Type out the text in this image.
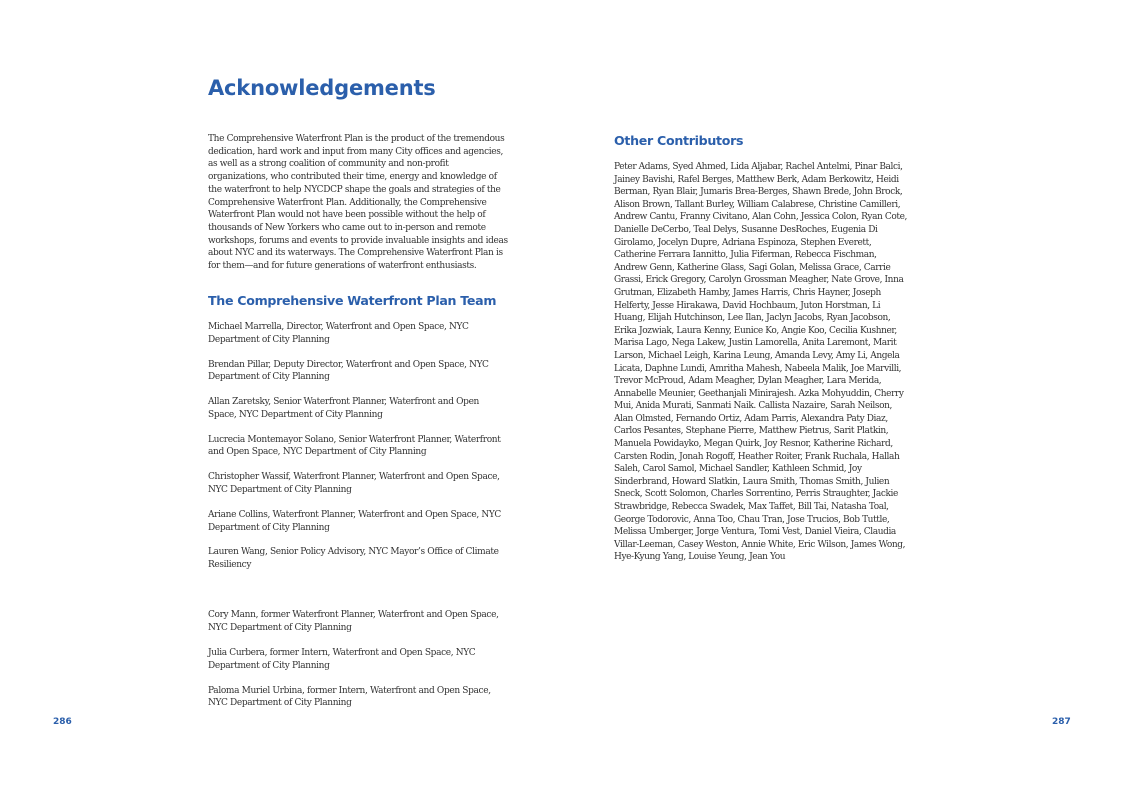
Acknowledgements

The Comprehensive Waterfront Plan is the product of the tremendous dedication, hard work and input from many City offices and agencies, as well as a strong coalition of community and non-profit organizations, who contributed their time, energy and knowledge of the waterfront to help NYCDCP shape the goals and strategies of the Comprehensive Waterfront Plan. Additionally, the Comprehensive Waterfront Plan would not have been possible without the help of thousands of New Yorkers who came out to in-person and remote workshops, forums and events to provide invaluable insights and ideas about NYC and its waterways. The Comprehensive Waterfront Plan is for them—and for future generations of waterfront enthusiasts.

The Comprehensive Waterfront Plan Team
Michael Marrella, Director, Waterfront and Open Space, NYC Department of City Planning
Brendan Pillar, Deputy Director, Waterfront and Open Space, NYC Department of City Planning
Allan Zaretsky, Senior Waterfront Planner, Waterfront and Open Space, NYC Department of City Planning
Lucrecia Montemayor Solano, Senior Waterfront Planner, Waterfront and Open Space, NYC Department of City Planning
Christopher Wassif, Waterfront Planner, Waterfront and Open Space, NYC Department of City Planning
Ariane Collins, Waterfront Planner, Waterfront and Open Space, NYC Department of City Planning
Lauren Wang, Senior Policy Advisory, NYC Mayor’s Office of Climate Resiliency
Cory Mann, former Waterfront Planner, Waterfront and Open Space, NYC Department of City Planning
Julia Curbera, former Intern, Waterfront and Open Space, NYC Department of City Planning
Paloma Muriel Urbina, former Intern, Waterfront and Open Space, NYC Department of City Planning
Other Contributors

Peter Adams, Syed Ahmed, Lida Aljabar, Rachel Antelmi, Pinar Balci, Jainey Bavishi, Rafel Berges, Matthew Berk, Adam Berkowitz, Heidi Berman, Ryan Blair, Jumaris Brea-Berges, Shawn Brede, John Brock, Alison Brown, Tallant Burley, William Calabrese, Christine Camilleri, Andrew Cantu, Franny Civitano, Alan Cohn, Jessica Colon, Ryan Cote, Danielle DeCerbo, Teal Delys, Susanne DesRoches, Eugenia Di Girolamo, Jocelyn Dupre, Adriana Espinoza, Stephen Everett, Catherine Ferrara Iannitto, Julia Fiferman, Rebecca Fischman, Andrew Genn, Katherine Glass, Sagi Golan, Melissa Grace, Carrie Grassi, Erick Gregory, Carolyn Grossman Meagher, Nate Grove, Inna Grutman, Elizabeth Hamby, James Harris, Chris Hayner, Joseph Helferty, Jesse Hirakawa, David Hochbaum, Juton Horstman, Li Huang, Elijah Hutchinson, Lee Ilan, Jaclyn Jacobs, Ryan Jacobson, Erika Jozwiak, Laura Kenny, Eunice Ko, Angie Koo, Cecilia Kushner, Marisa Lago, Nega Lakew, Justin Lamorella, Anita Laremont, Marit Larson, Michael Leigh, Karina Leung, Amanda Levy, Amy Li, Angela Licata, Daphne Lundi, Amritha Mahesh, Nabeela Malik, Joe Marvilli, Trevor McProud, Adam Meagher, Dylan Meagher, Lara Merida, Annabelle Meunier, Geethanjali Minirajesh. Azka Mohyuddin, Cherry Mui, Anida Murati, Sanmati Naik. Callista Nazaire, Sarah Neilson, Alan Olmsted, Fernando Ortiz, Adam Parris, Alexandra Paty Diaz, Carlos Pesantes, Stephane Pierre, Matthew Pietrus, Sarit Platkin, Manuela Powidayko, Megan Quirk, Joy Resnor, Katherine Richard, Carsten Rodin, Jonah Rogoff, Heather Roiter, Frank Ruchala, Hallah Saleh, Carol Samol, Michael Sandler, Kathleen Schmid, Joy Sinderbrand, Howard Slatkin, Laura Smith, Thomas Smith, Julien Sneck, Scott Solomon, Charles Sorrentino, Perris Straughter, Jackie Strawbridge, Rebecca Swadek, Max Taffet, Bill Tai, Natasha Toal, George Todorovic, Anna Too, Chau Tran, Jose Trucios, Bob Tuttle, Melissa Umberger, Jorge Ventura, Tomi Vest, Daniel Vieira, Claudia Villar-Leeman, Casey Weston, Annie White, Eric Wilson, James Wong, Hye-Kyung Yang, Louise Yeung, Jean You

286	287
